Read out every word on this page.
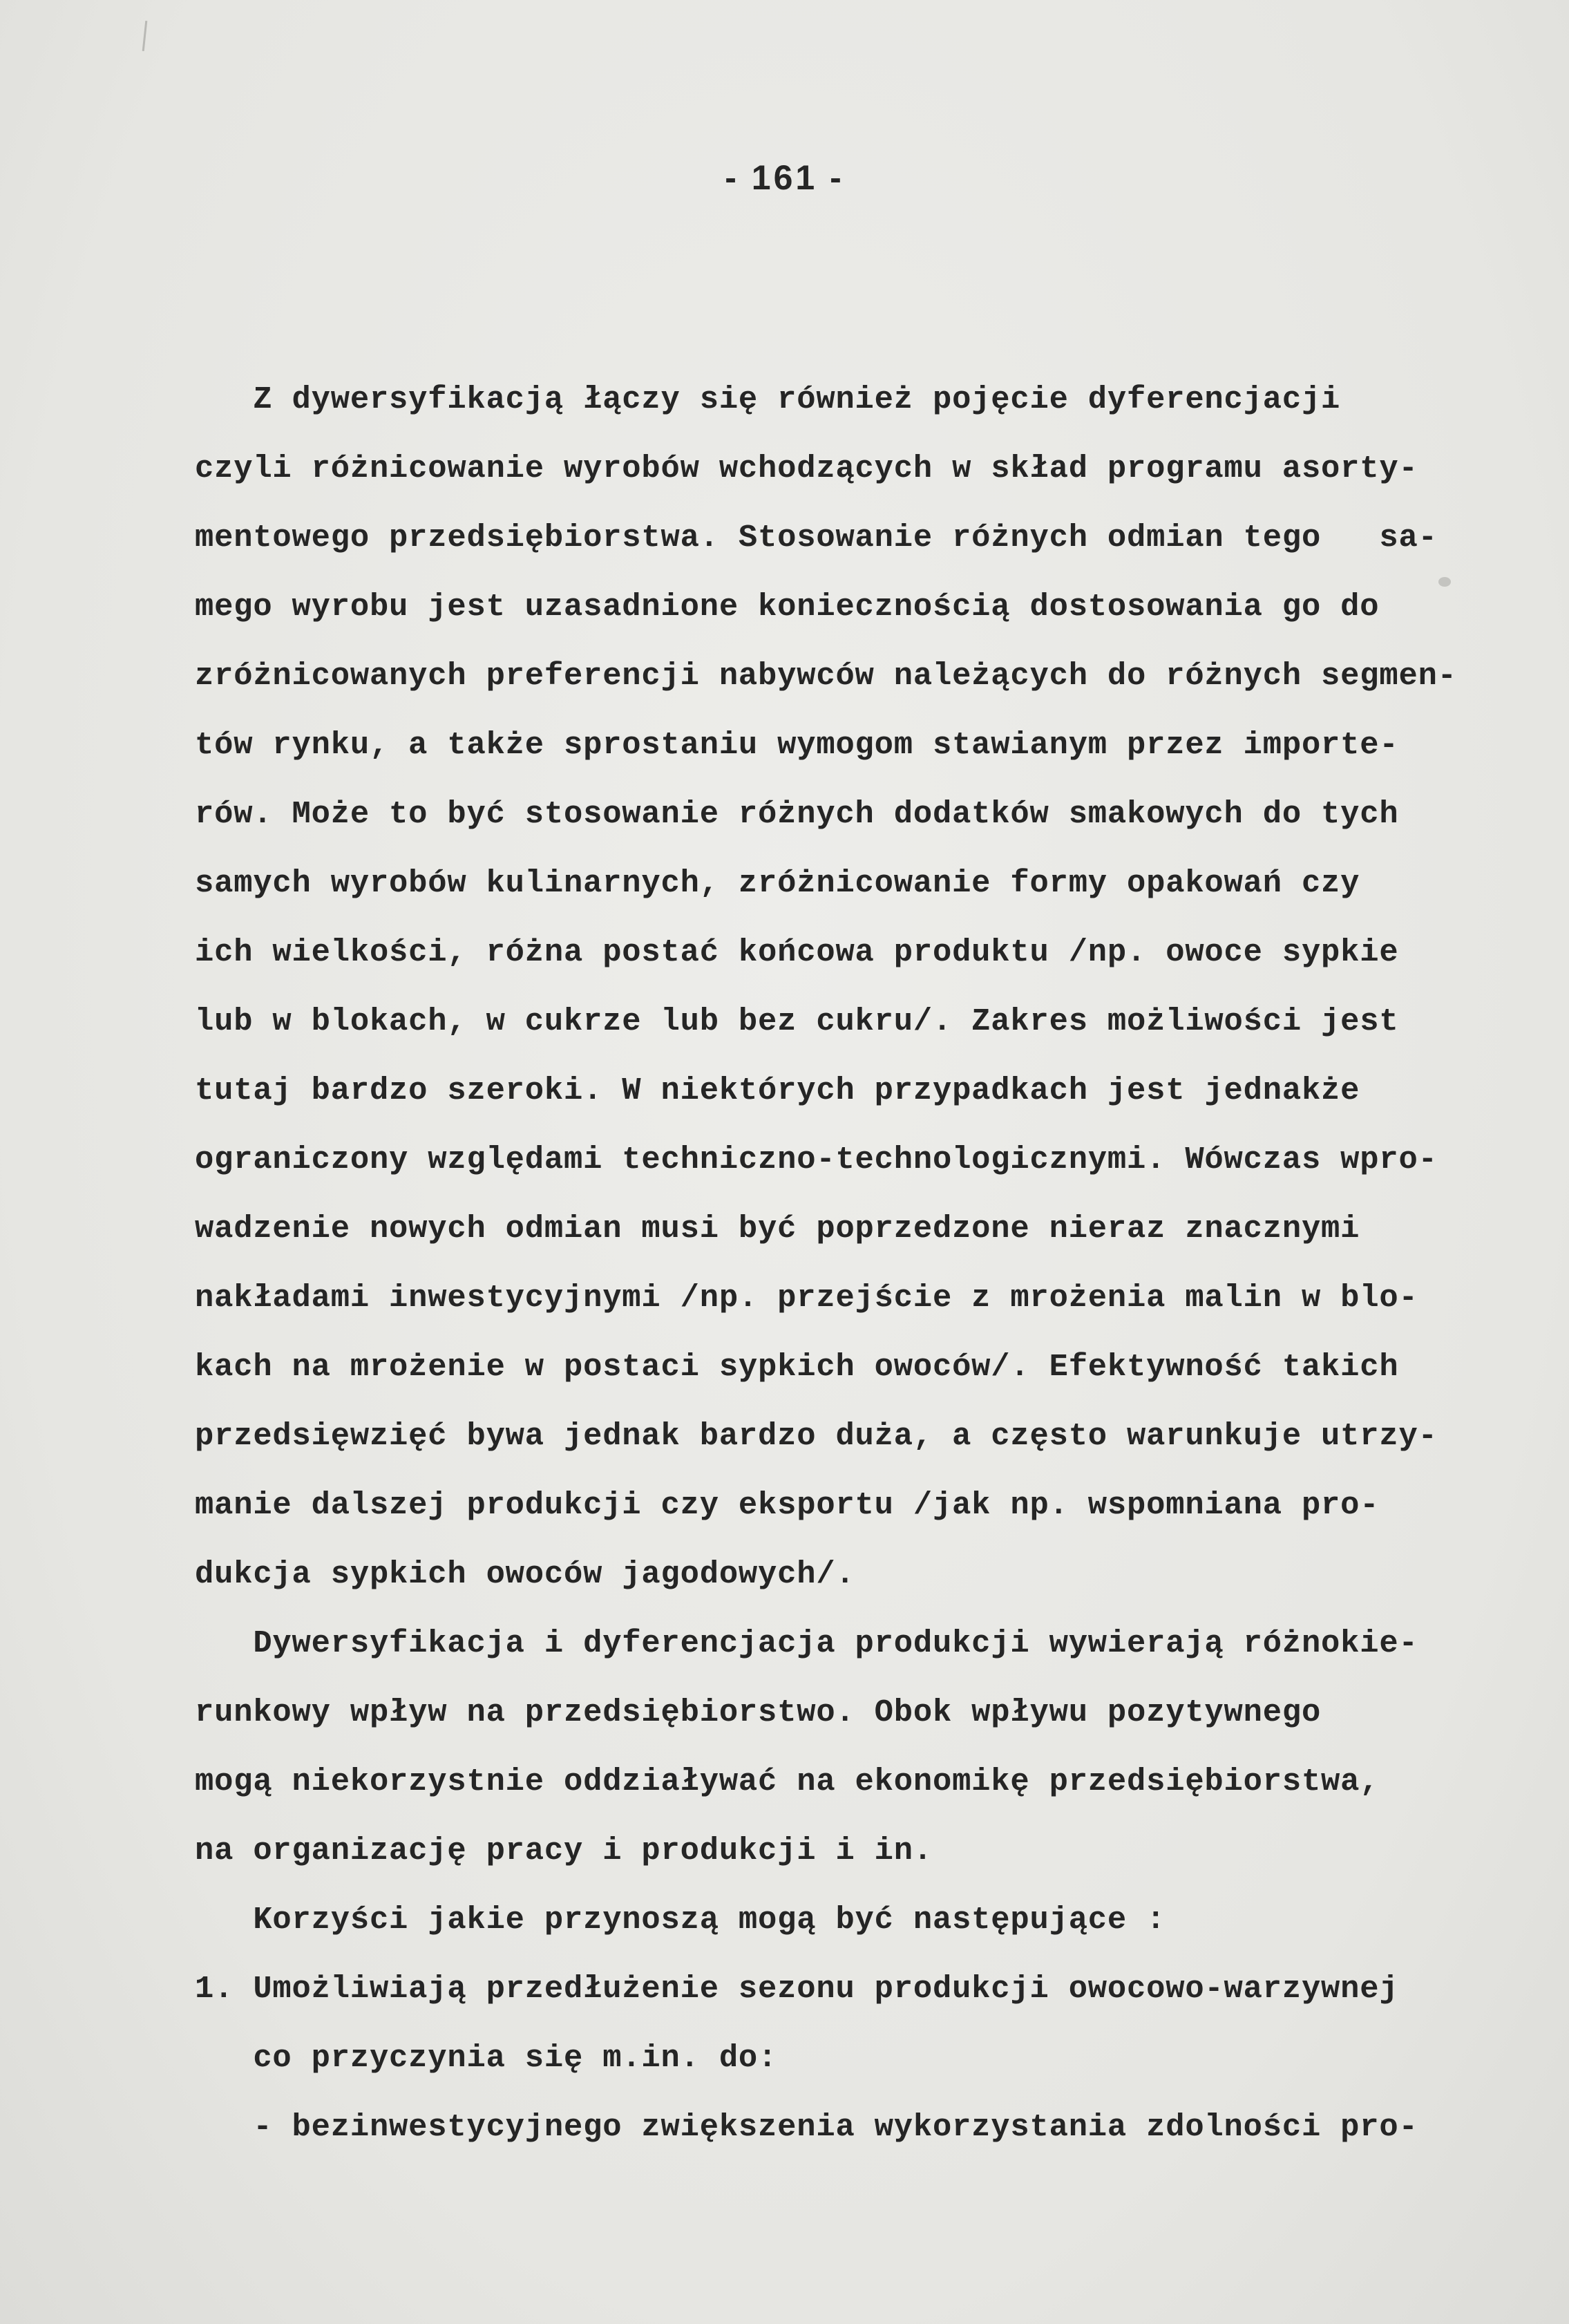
- 161 -
Z dywersyfikacją łączy się również pojęcie dyferencjacji
czyli różnicowanie wyrobów wchodzących w skład programu asorty-
mentowego przedsiębiorstwa. Stosowanie różnych odmian tego   sa-
mego wyrobu jest uzasadnione koniecznością dostosowania go do
zróżnicowanych preferencji nabywców należących do różnych segmen-
tów rynku, a także sprostaniu wymogom stawianym przez importe-
rów. Może to być stosowanie różnych dodatków smakowych do tych
samych wyrobów kulinarnych, zróżnicowanie formy opakowań czy
ich wielkości, różna postać końcowa produktu /np. owoce sypkie
lub w blokach, w cukrze lub bez cukru/. Zakres możliwości jest
tutaj bardzo szeroki. W niektórych przypadkach jest jednakże
ograniczony względami techniczno-technologicznymi. Wówczas wpro-
wadzenie nowych odmian musi być poprzedzone nieraz znacznymi
nakładami inwestycyjnymi /np. przejście z mrożenia malin w blo-
kach na mrożenie w postaci sypkich owoców/. Efektywność takich
przedsięwzięć bywa jednak bardzo duża, a często warunkuje utrzy-
manie dalszej produkcji czy eksportu /jak np. wspomniana pro-
dukcja sypkich owoców jagodowych/.
Dywersyfikacja i dyferencjacja produkcji wywierają różnokie-
runkowy wpływ na przedsiębiorstwo. Obok wpływu pozytywnego
mogą niekorzystnie oddziaływać na ekonomikę przedsiębiorstwa,
na organizację pracy i produkcji i in.
Korzyści jakie przynoszą mogą być następujące :
1. Umożliwiają przedłużenie sezonu produkcji owocowo-warzywnej
co przyczynia się m.in. do:
- bezinwestycyjnego zwiększenia wykorzystania zdolności pro-
